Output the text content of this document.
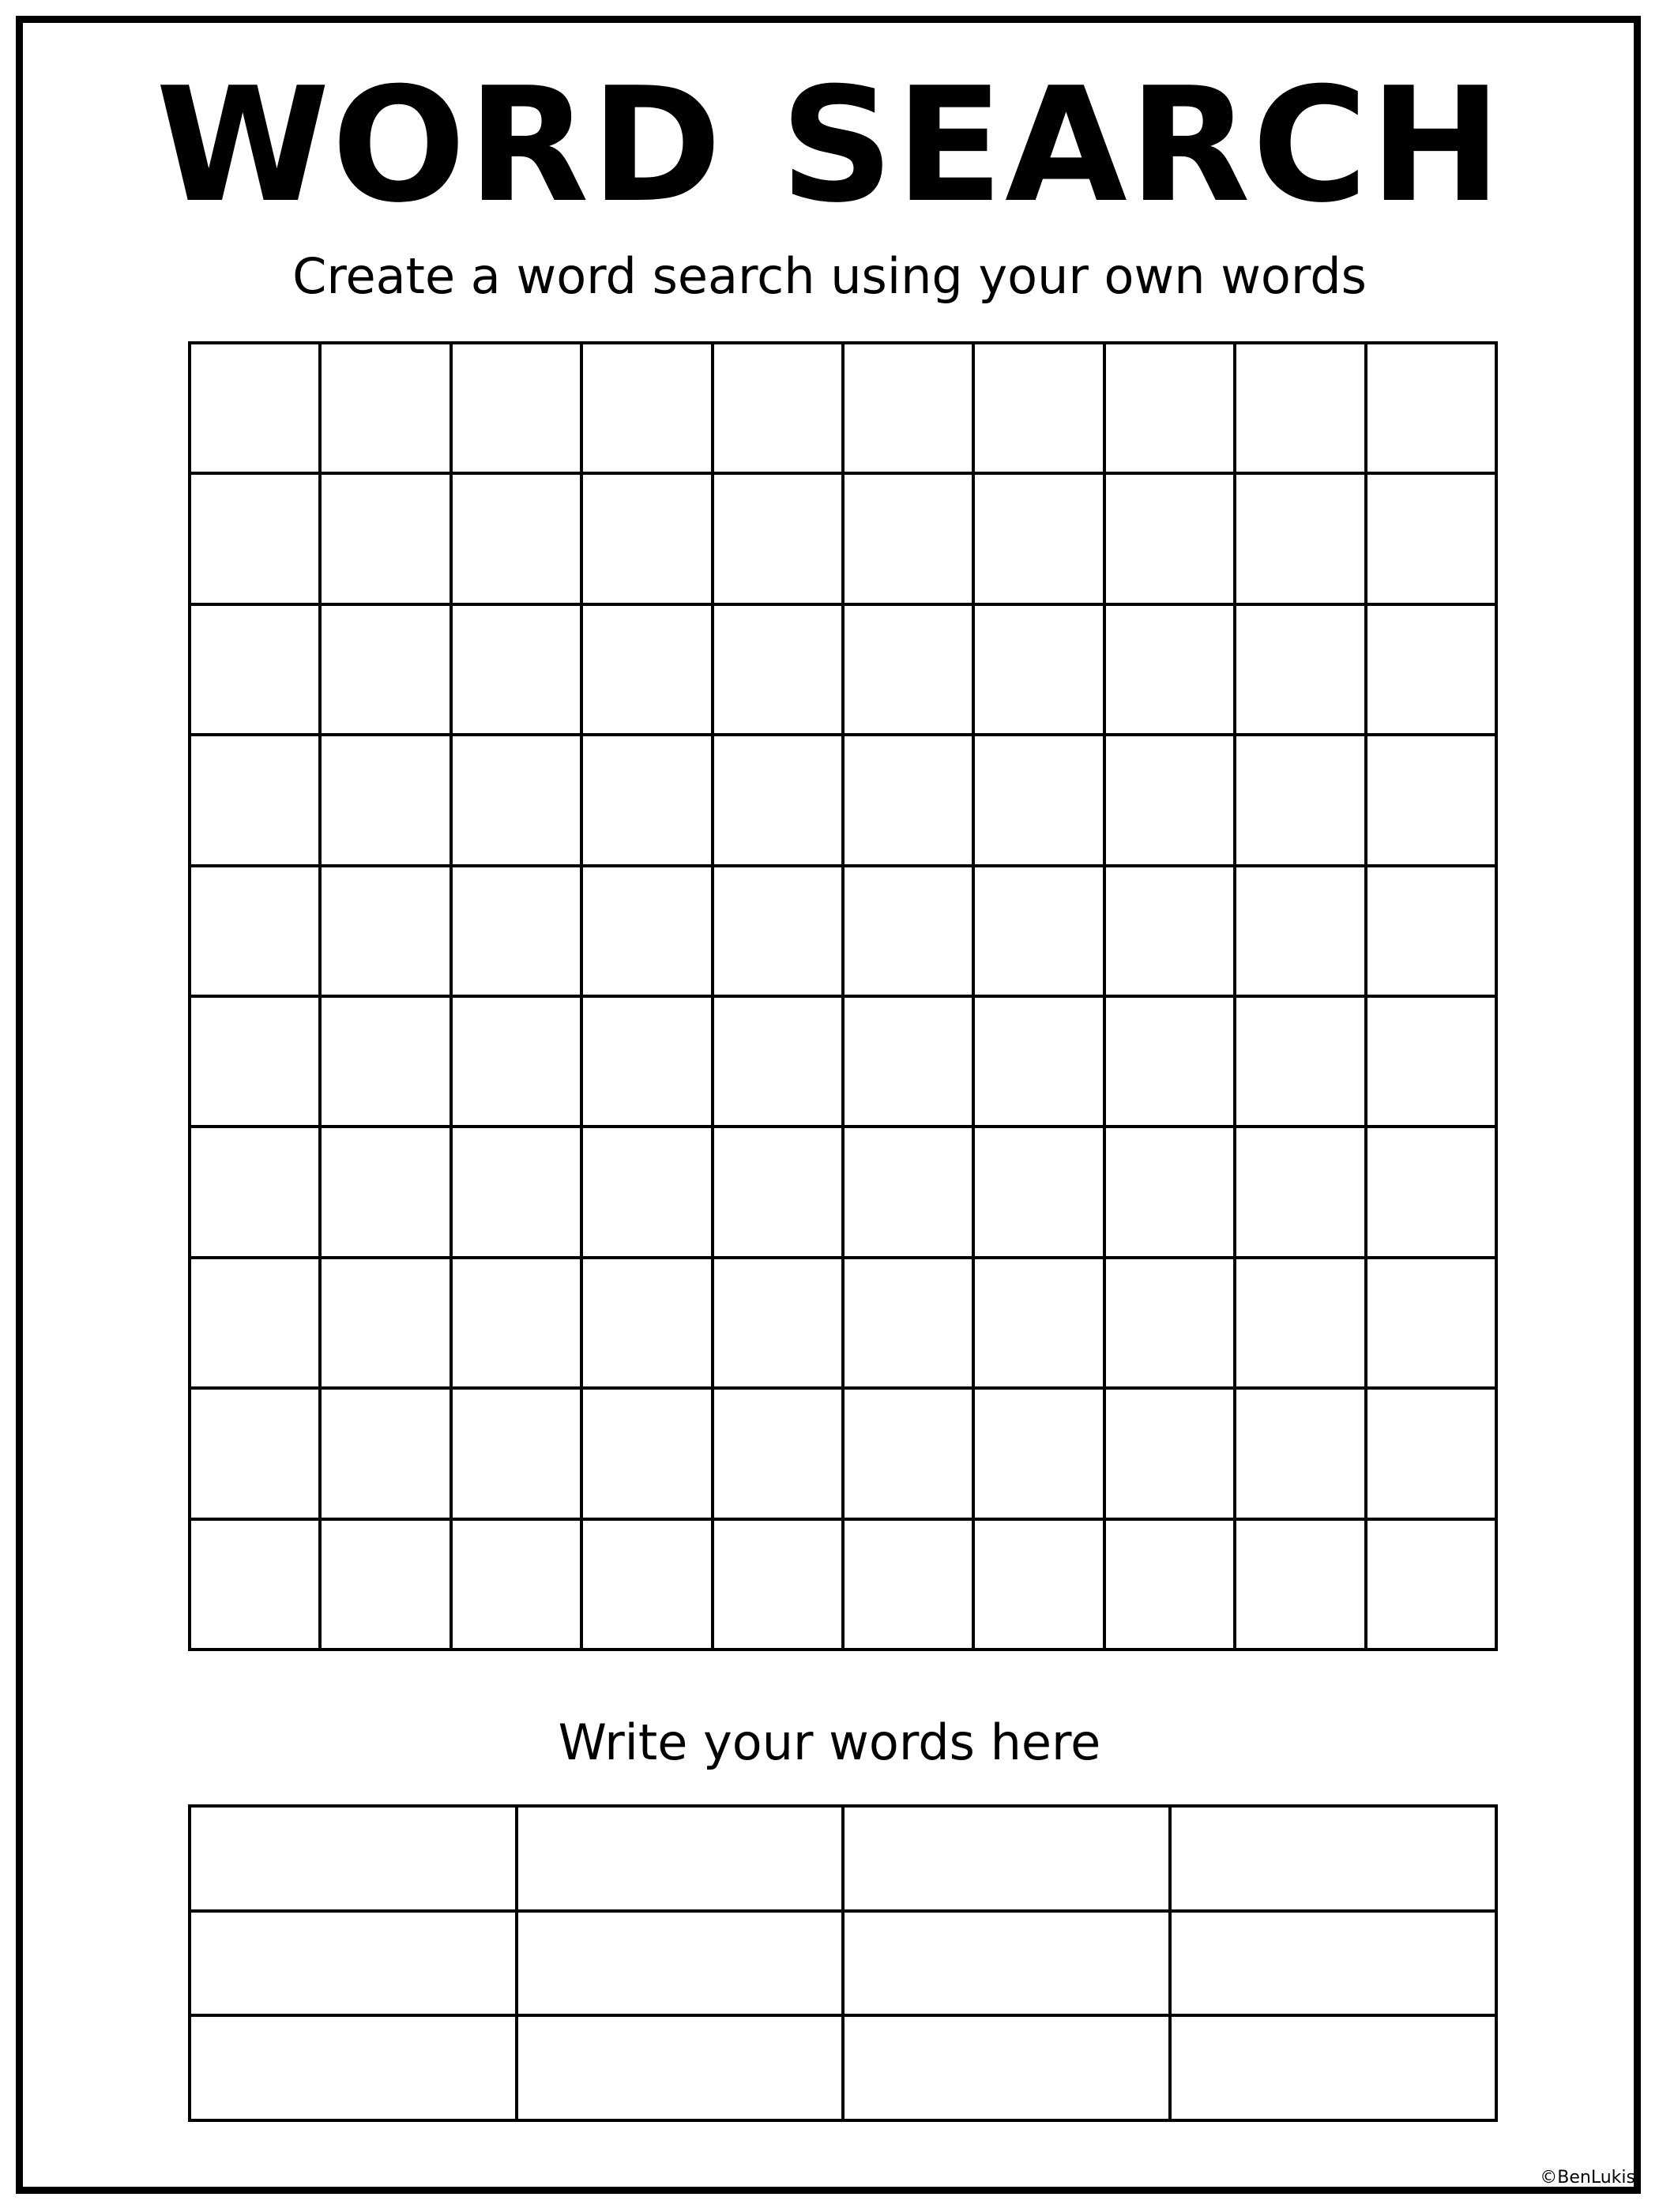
WORD SEARCH

Create a word search using your own words

Write your words here

©BenLukis
